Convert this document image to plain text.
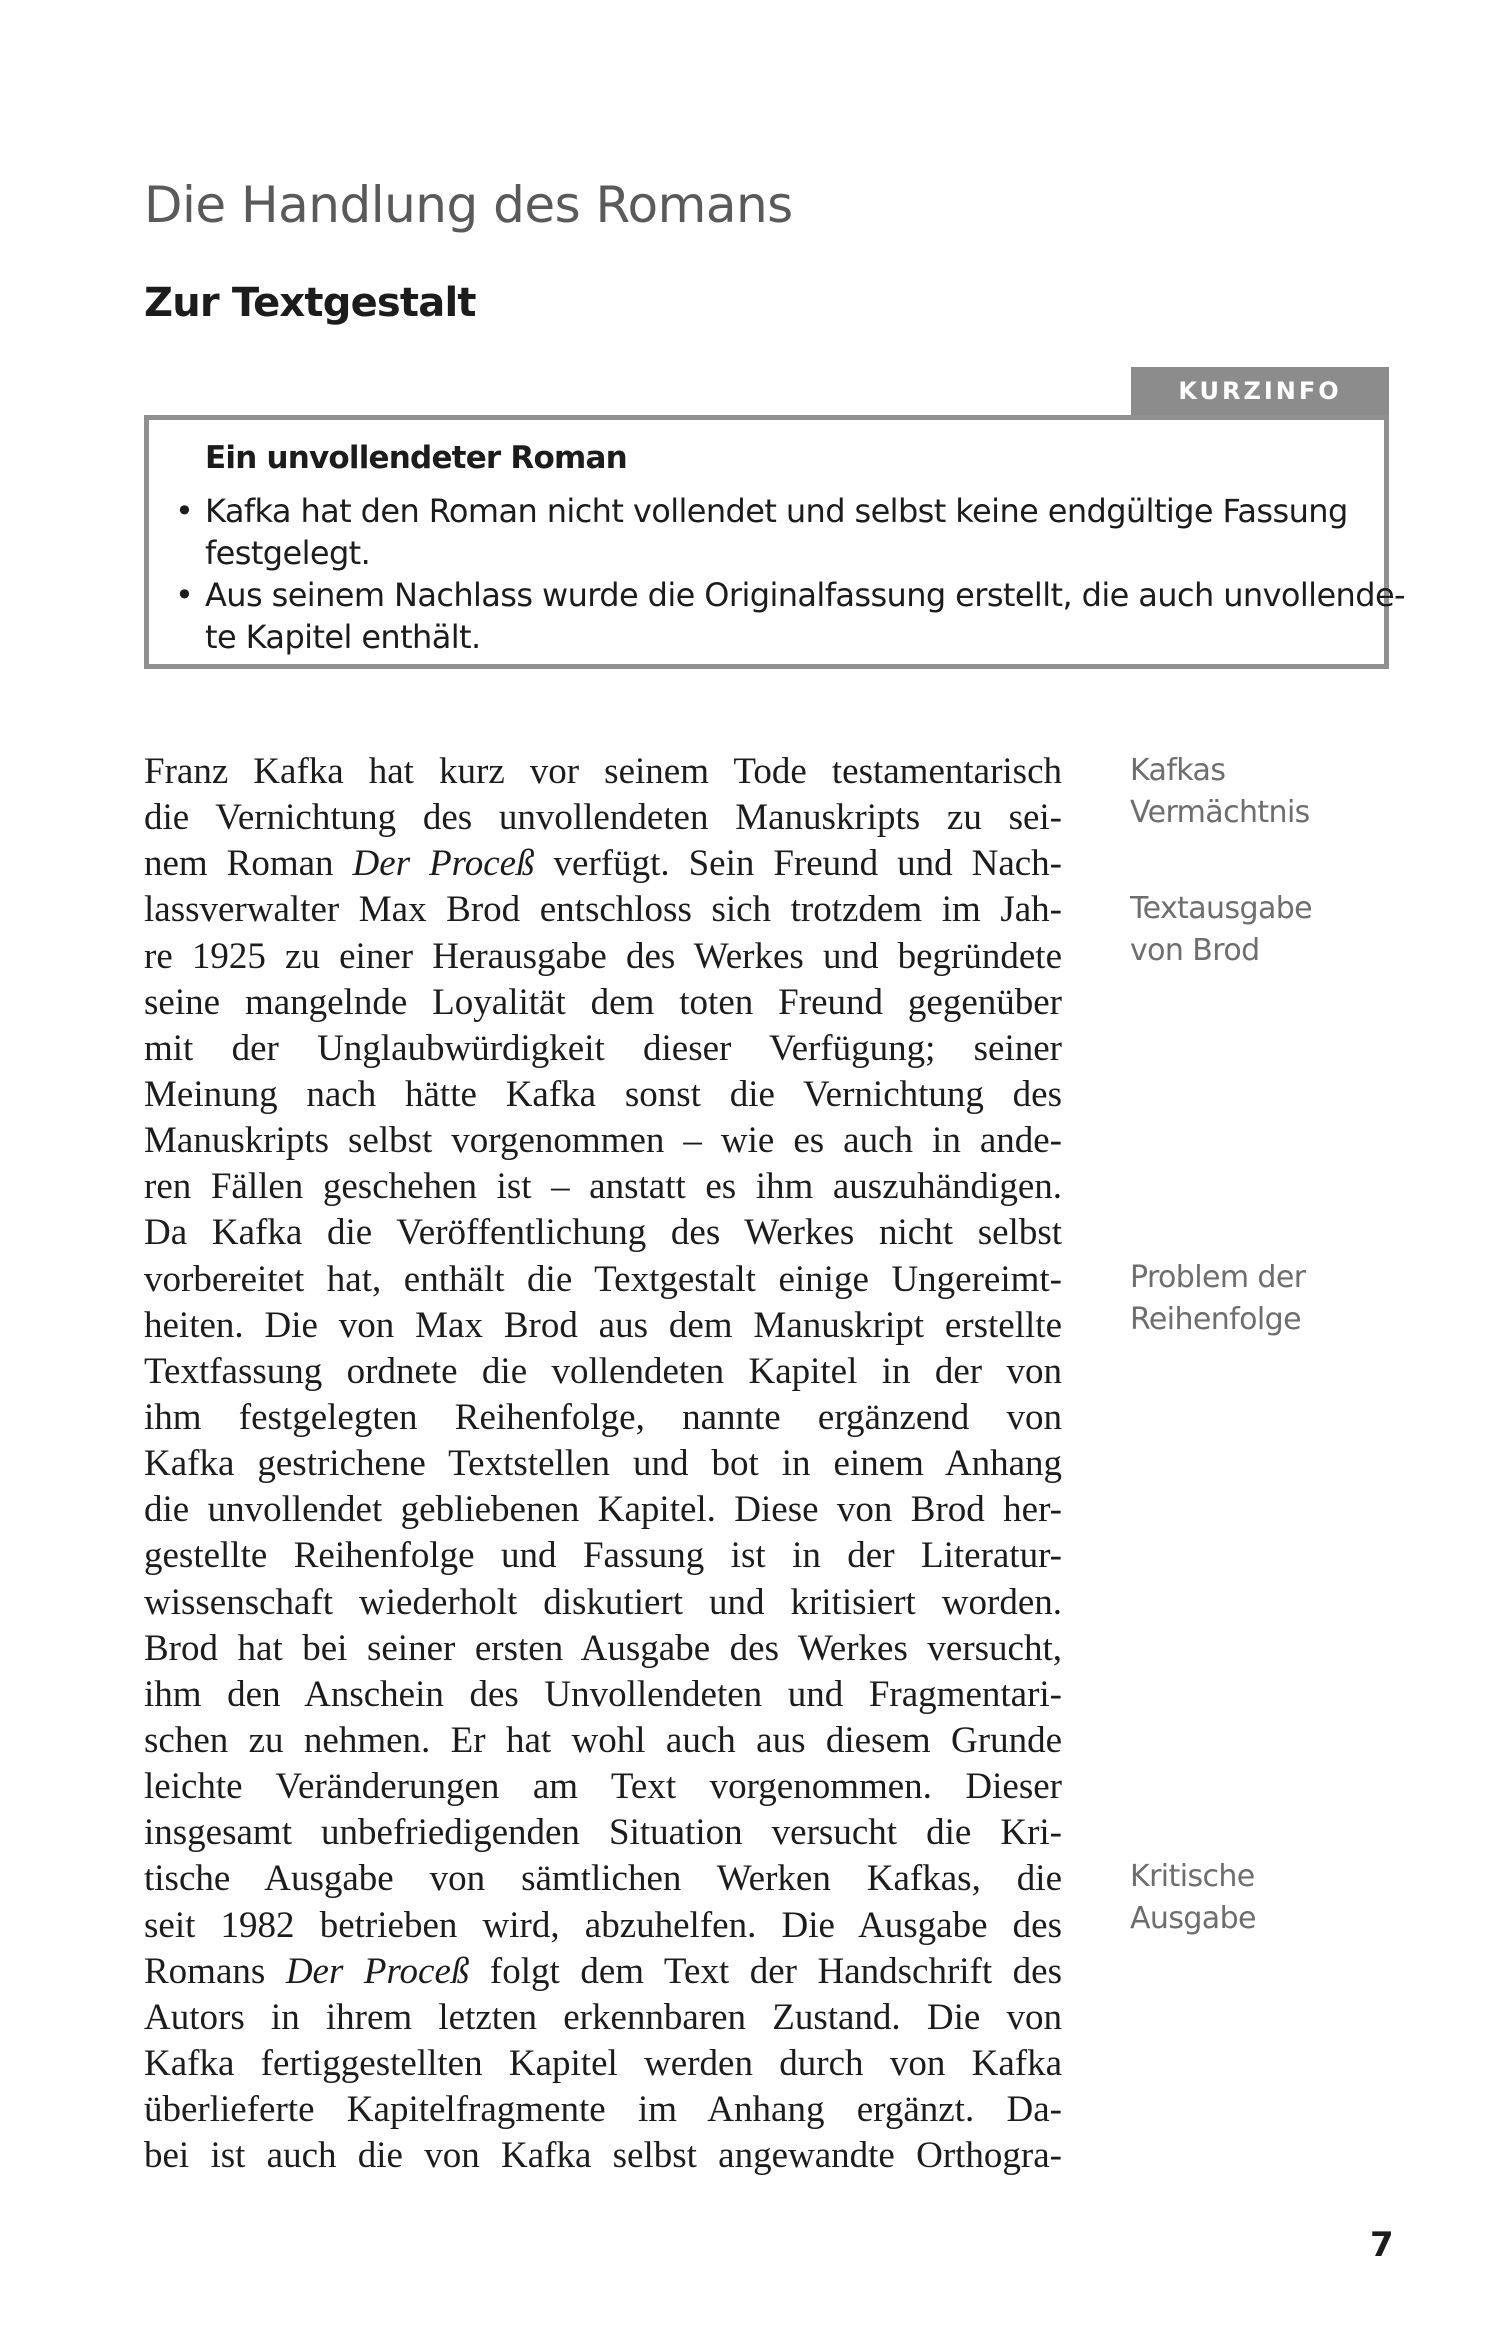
Die Handlung des Romans
Zur Textgestalt
KURZINFO
Ein unvollendeter Roman
• Kafka hat den Roman nicht vollendet und selbst keine endgültige Fassung
festgelegt.
• Aus seinem Nachlass wurde die Originalfassung erstellt, die auch unvollende-
te Kapitel enthält.
Franz Kafka hat kurz vor seinem Tode testamentarisch
die Vernichtung des unvollendeten Manuskripts zu sei-
nem Roman Der Proceß verfügt. Sein Freund und Nach-
lassverwalter Max Brod entschloss sich trotzdem im Jah-
re 1925 zu einer Herausgabe des Werkes und begründete
seine mangelnde Loyalität dem toten Freund gegenüber
mit der Unglaubwürdigkeit dieser Verfügung; seiner
Meinung nach hätte Kafka sonst die Vernichtung des
Manuskripts selbst vorgenommen – wie es auch in ande-
ren Fällen geschehen ist – anstatt es ihm auszuhändigen.
Da Kafka die Veröffentlichung des Werkes nicht selbst
vorbereitet hat, enthält die Textgestalt einige Ungereimt-
heiten. Die von Max Brod aus dem Manuskript erstellte
Textfassung ordnete die vollendeten Kapitel in der von
ihm festgelegten Reihenfolge, nannte ergänzend von
Kafka gestrichene Textstellen und bot in einem Anhang
die unvollendet gebliebenen Kapitel. Diese von Brod her-
gestellte Reihenfolge und Fassung ist in der Literatur-
wissenschaft wiederholt diskutiert und kritisiert worden.
Brod hat bei seiner ersten Ausgabe des Werkes versucht,
ihm den Anschein des Unvollendeten und Fragmentari-
schen zu nehmen. Er hat wohl auch aus diesem Grunde
leichte Veränderungen am Text vorgenommen. Dieser
insgesamt unbefriedigenden Situation versucht die Kri-
tische Ausgabe von sämtlichen Werken Kafkas, die
seit 1982 betrieben wird, abzuhelfen. Die Ausgabe des
Romans Der Proceß folgt dem Text der Handschrift des
Autors in ihrem letzten erkennbaren Zustand. Die von
Kafka fertiggestellten Kapitel werden durch von Kafka
überlieferte Kapitelfragmente im Anhang ergänzt. Da-
bei ist auch die von Kafka selbst angewandte Orthogra-
Kafkas
Vermächtnis
Textausgabe
von Brod
Problem der
Reihenfolge
Kritische
Ausgabe
7
